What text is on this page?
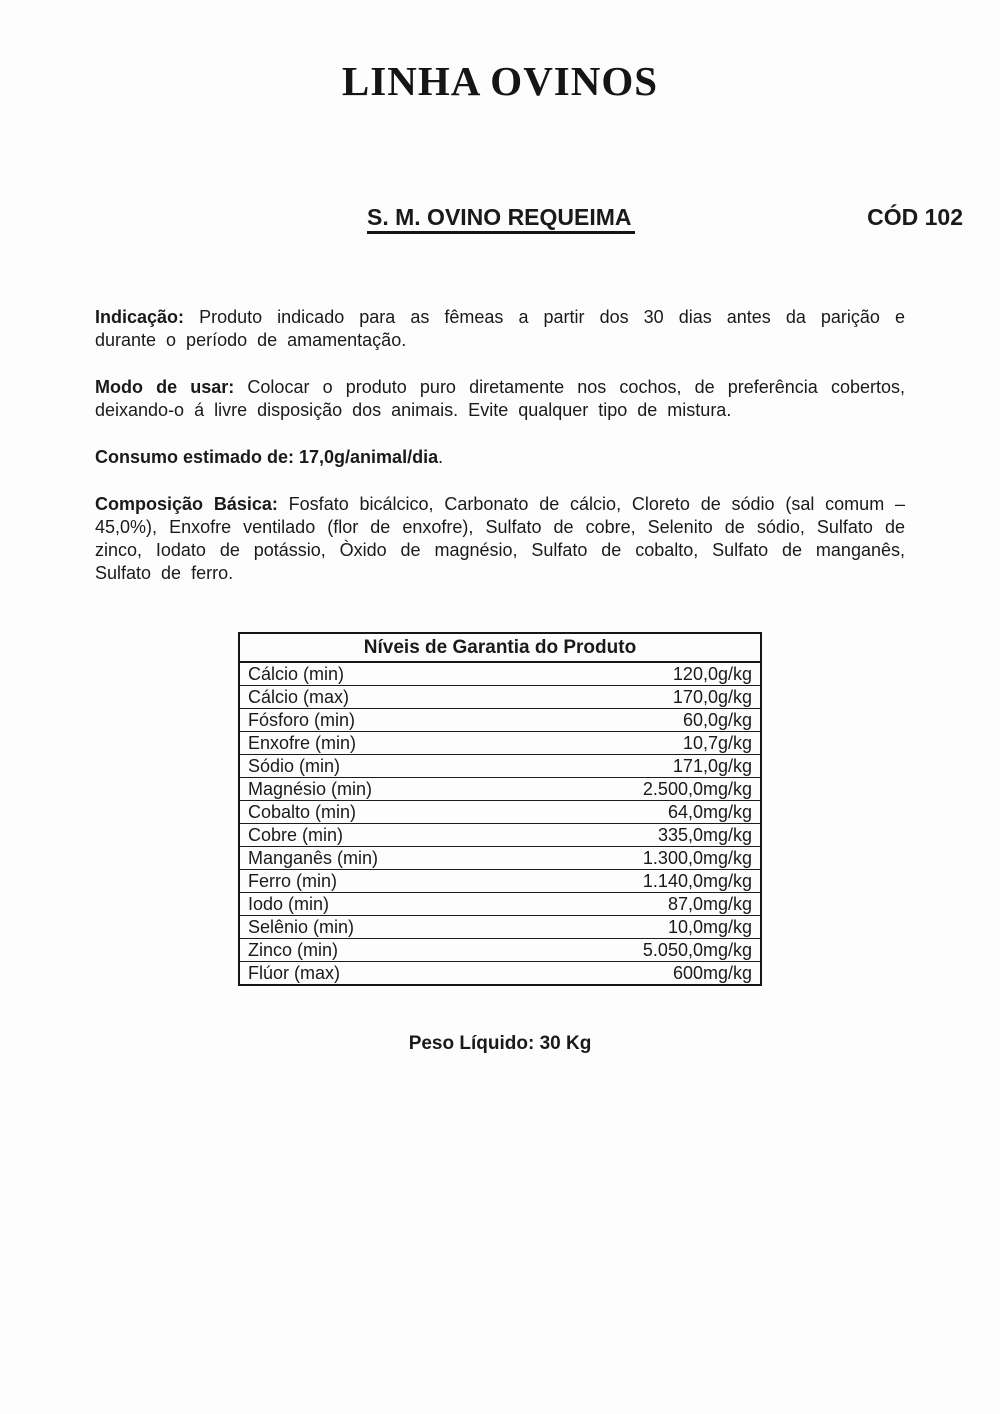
LINHA OVINOS
S. M. OVINO REQUEIMA	CÓD 102

Indicação: Produto indicado para as fêmeas a partir dos 30 dias antes da parição e durante o período de amamentação.

Modo de usar: Colocar o produto puro diretamente nos cochos, de preferência cobertos, deixando-o á livre disposição dos animais. Evite qualquer tipo de mistura.

Consumo estimado de: 17,0g/animal/dia.

Composição Básica: Fosfato bicálcico, Carbonato de cálcio, Cloreto de sódio (sal comum – 45,0%), Enxofre ventilado (flor de enxofre), Sulfato de cobre, Selenito de sódio, Sulfato de zinco, Iodato de potássio, Òxido de magnésio, Sulfato de cobalto, Sulfato de manganês, Sulfato de ferro.

Níveis de Garantia do Produto	
Cálcio (min)	120,0g/kg
Cálcio (max)	170,0g/kg
Fósforo (min)	60,0g/kg
Enxofre (min)	10,7g/kg
Sódio (min)	171,0g/kg
Magnésio (min)	2.500,0mg/kg
Cobalto (min)	64,0mg/kg
Cobre (min)	335,0mg/kg
Manganês (min)	1.300,0mg/kg
Ferro (min)	1.140,0mg/kg
Iodo (min)	87,0mg/kg
Selênio (min)	10,0mg/kg
Zinco (min)	5.050,0mg/kg
Flúor (max)	600mg/kg

Peso Líquido: 30 Kg
